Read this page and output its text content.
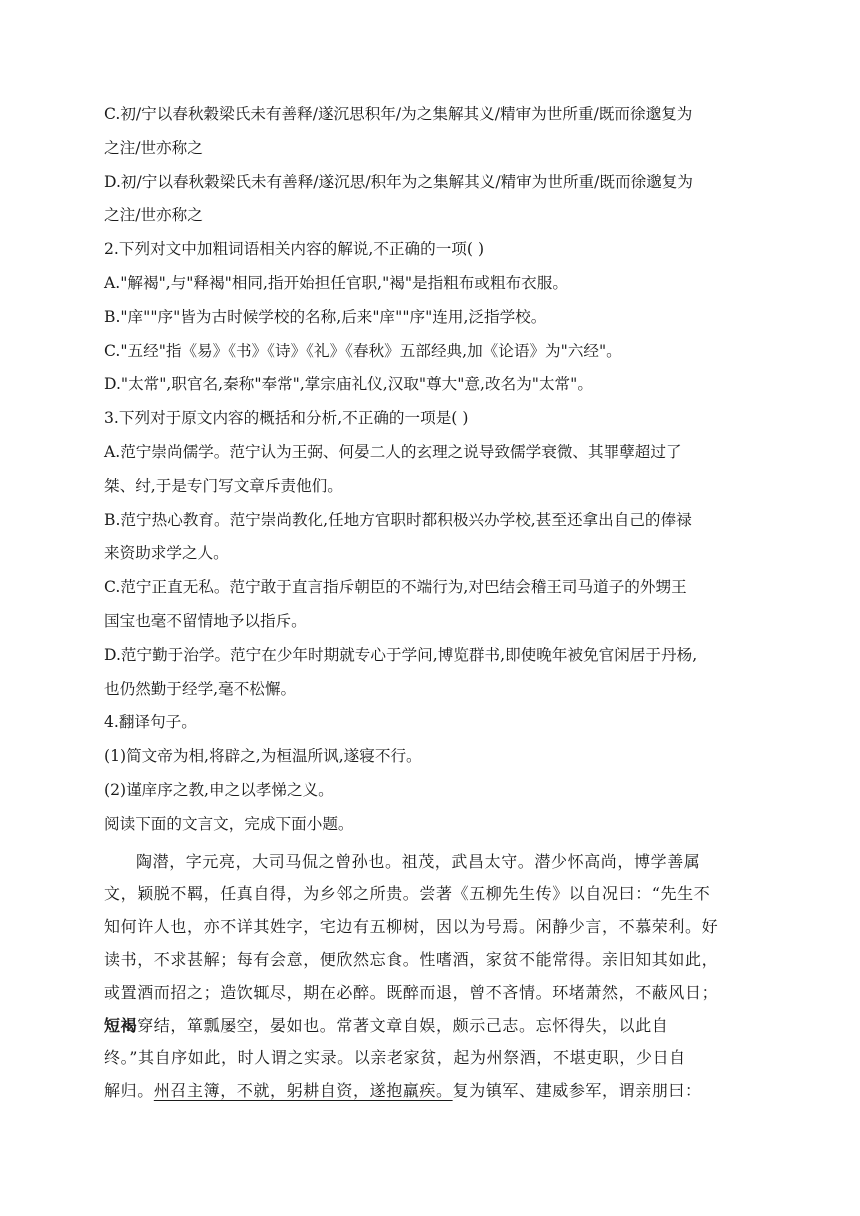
C.初/宁以春秋穀梁氏未有善释/遂沉思积年/为之集解其义/精审为世所重/既而徐邈复为

之注/世亦称之

D.初/宁以春秋穀梁氏未有善释/遂沉思/积年为之集解其义/精审为世所重/既而徐邈复为

之注/世亦称之

2.下列对文中加粗词语相关内容的解说,不正确的一项( )

A."解褐",与"释褐"相同,指开始担任官职,"褐"是指粗布或粗布衣服。

B."庠""序"皆为古时候学校的名称,后来"庠""序"连用,泛指学校。

C."五经"指《易》《书》《诗》《礼》《春秋》五部经典,加《论语》为"六经"。

D."太常",职官名,秦称"奉常",掌宗庙礼仪,汉取"尊大"意,改名为"太常"。

3.下列对于原文内容的概括和分析,不正确的一项是( )

A.范宁崇尚儒学。范宁认为王弼、何晏二人的玄理之说导致儒学衰微、其罪孽超过了

桀、纣,于是专门写文章斥责他们。

B.范宁热心教育。范宁崇尚教化,任地方官职时都积极兴办学校,甚至还拿出自己的俸禄

来资助求学之人。

C.范宁正直无私。范宁敢于直言指斥朝臣的不端行为,对巴结会稽王司马道子的外甥王

国宝也毫不留情地予以指斥。

D.范宁勤于治学。范宁在少年时期就专心于学问,博览群书,即使晚年被免官闲居于丹杨,

也仍然勤于经学,毫不松懈。

4.翻译句子。

(1)简文帝为相,将辟之,为桓温所讽,遂寝不行。

(2)谨庠序之教,申之以孝悌之义。

阅读下面的文言文，完成下面小题。

陶潜，字元亮，大司马侃之曾孙也。祖茂，武昌太守。潜少怀高尚，博学善属

文，颖脱不羁，任真自得，为乡邻之所贵。尝著《五柳先生传》以自况曰：“先生不

知何许人也，亦不详其姓字，宅边有五柳树，因以为号焉。闲静少言，不慕荣利。好

读书，不求甚解；每有会意，便欣然忘食。性嗜酒，家贫不能常得。亲旧知其如此，

或置酒而招之；造饮辄尽，期在必醉。既醉而退，曾不吝情。环堵萧然，不蔽风日；

短褐穿结，箪瓢屡空，晏如也。常著文章自娱，颇示己志。忘怀得失，以此自

终。”其自序如此，时人谓之实录。以亲老家贫，起为州祭酒，不堪吏职，少日自

解归。州召主簿，不就，躬耕自资，遂抱羸疾。复为镇军、建威参军，谓亲朋曰：
